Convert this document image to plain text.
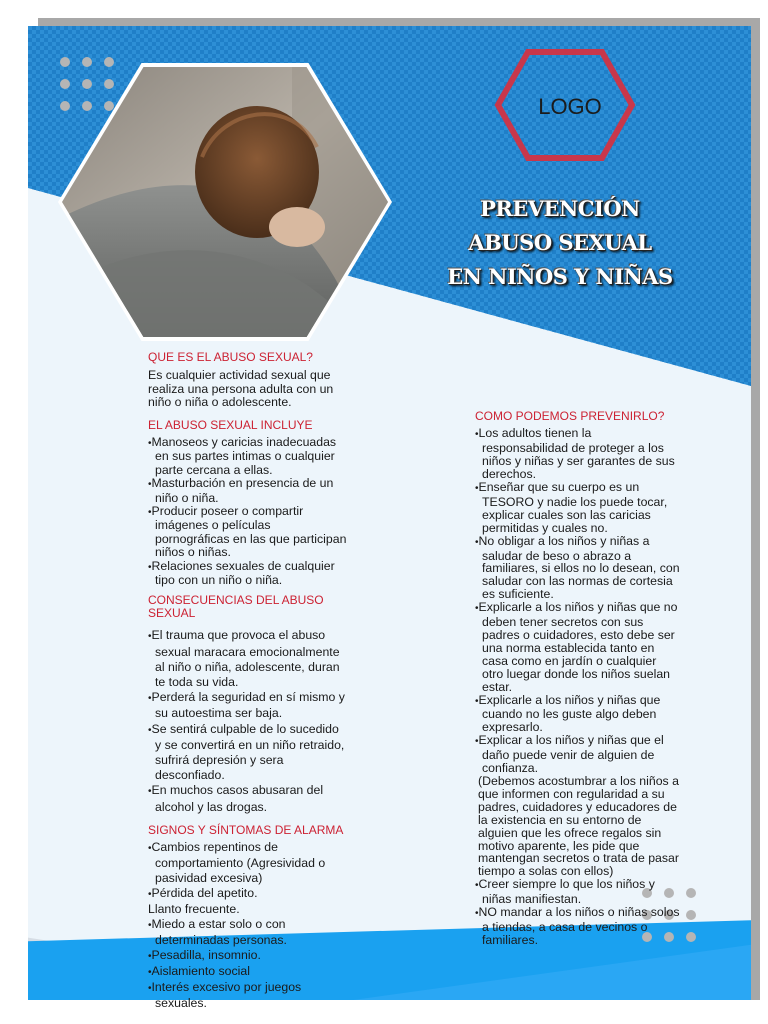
LOGO
PREVENCIÓN
ABUSO SEXUAL
EN NIÑOS Y NIÑAS

QUE ES EL ABUSO SEXUAL?

Es cualquier actividad sexual que realiza una persona adulta con un niño o niña o adolescente.

EL ABUSO SEXUAL INCLUYE

• Manoseos y caricias inadecuadas en sus partes intimas o cualquier parte cercana a ellas.

• Masturbación en presencia de un niño o niña.

• Producir poseer o compartir imágenes o películas pornográficas en las que participan niños o niñas.

• Relaciones sexuales de cualquier tipo con un niño o niña.

CONSECUENCIAS DEL ABUSO SEXUAL

• El trauma que provoca el abuso sexual maracara emocionalmente al niño o niña, adolescente, duran te toda su vida.

• Perderá la seguridad en sí mismo y su autoestima ser baja.

• Se sentirá culpable de lo sucedido y se convertirá en un niño retraido, sufrirá depresión y sera desconfiado.

• En muchos casos abusaran del alcohol y las drogas.

SIGNOS Y SÍNTOMAS DE ALARMA

• Cambios repentinos de comportamiento (Agresividad o pasividad excesiva)

• Pérdida del apetito.

Llanto frecuente.

• Miedo a estar solo o con determinadas personas.

• Pesadilla, insomnio.

• Aislamiento social

• Interés excesivo por juegos sexuales.

COMO PODEMOS PREVENIRLO?

• Los adultos tienen la responsabilidad de proteger a los niños y niñas y ser garantes de sus derechos.

• Enseñar que su cuerpo es un TESORO y nadie los puede tocar, explicar cuales son las caricias permitidas y cuales no.

• No obligar a los niños y niñas a saludar de beso o abrazo a familiares, si ellos no lo desean, con saludar con las normas de cortesia es suficiente.

• Explicarle a los niños y niñas que no deben tener secretos con sus padres o cuidadores, esto debe ser una norma establecida tanto en casa como en jardín o cualquier otro luegar donde los niños suelan estar.

• Explicarle a los niños y niñas que cuando no les guste algo deben expresarlo.

• Explicar a los niños y niñas que el daño puede venir de alguien de confianza.

(Debemos acostumbrar a los niños a que informen con regularidad a su padres, cuidadores y educadores de la existencia en su entorno de alguien que les ofrece regalos sin motivo aparente, les pide que mantengan secretos o trata de pasar tiempo a solas con ellos)

• Creer siempre lo que los niños y niñas manifiestan.

• NO mandar a los niños o niñas solos a tiendas, a casa de vecinos o familiares.
